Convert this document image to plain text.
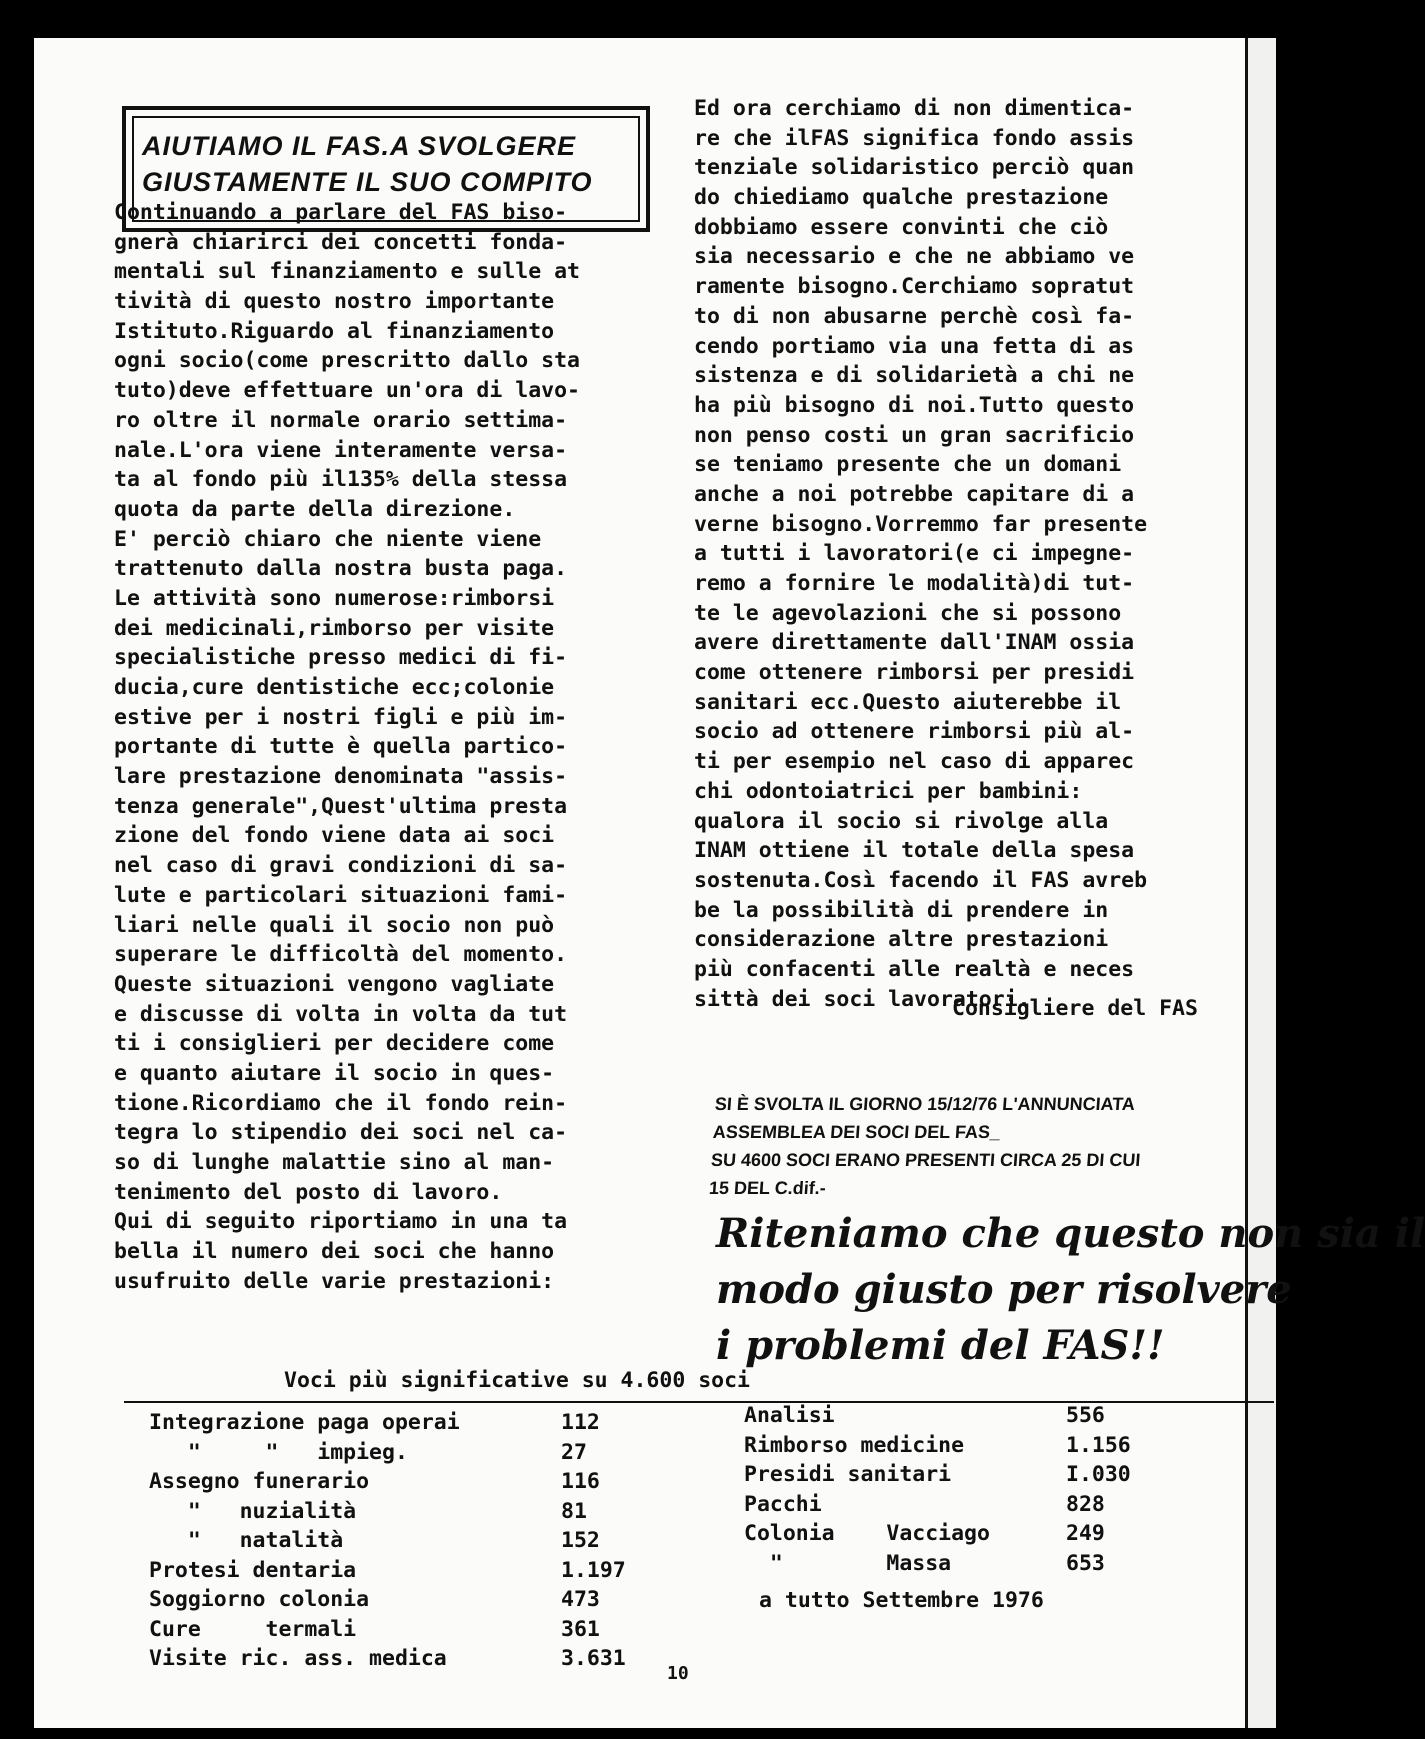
AIUTIAMO IL FAS.A SVOLGERE
GIUSTAMENTE IL SUO COMPITO
Continuando a parlare del FAS biso-
gnerà chiarirci dei concetti fonda-
mentali sul finanziamento e sulle at
tività di questo nostro importante
Istituto.Riguardo al finanziamento
ogni socio(come prescritto dallo sta
tuto)deve effettuare un'ora di lavo-
ro oltre il normale orario settima-
nale.L'ora viene interamente versa-
ta al fondo più il135% della stessa
quota da parte della direzione.
E' perciò chiaro che niente viene
trattenuto dalla nostra busta paga.
Le attività sono numerose:rimborsi
dei medicinali,rimborso per visite
specialistiche presso medici di fi-
ducia,cure dentistiche ecc;colonie
estive per i nostri figli e più im-
portante di tutte è quella partico-
lare prestazione denominata "assis-
tenza generale",Quest'ultima presta
zione del fondo viene data ai soci
nel caso di gravi condizioni di sa-
lute e particolari situazioni fami-
liari nelle quali il socio non può
superare le difficoltà del momento.
Queste situazioni vengono vagliate
e discusse di volta in volta da tut
ti i consiglieri per decidere come
e quanto aiutare il socio in ques-
tione.Ricordiamo che il fondo rein-
tegra lo stipendio dei soci nel ca-
so di lunghe malattie sino al man-
tenimento del posto di lavoro.
Qui di seguito riportiamo in una ta
bella il numero dei soci che hanno
usufruito delle varie prestazioni:
Ed ora cerchiamo di non dimentica-
re che ilFAS significa fondo assis
tenziale solidaristico perciò quan
do chiediamo qualche prestazione
dobbiamo essere convinti che ciò
sia necessario e che ne abbiamo ve
ramente bisogno.Cerchiamo sopratut
to di non abusarne perchè così fa-
cendo portiamo via una fetta di as
sistenza e di solidarietà a chi ne
ha più bisogno di noi.Tutto questo
non penso costi un gran sacrificio
se teniamo presente che un domani
anche a noi potrebbe capitare di a
verne bisogno.Vorremmo far presente
a tutti i lavoratori(e ci impegne-
remo a fornire le modalità)di tut-
te le agevolazioni che si possono
avere direttamente dall'INAM ossia
come ottenere rimborsi per presidi
sanitari ecc.Questo aiuterebbe il
socio ad ottenere rimborsi più al-
ti per esempio nel caso di apparec
chi odontoiatrici per bambini:
qualora il socio si rivolge alla
INAM ottiene il totale della spesa
sostenuta.Così facendo il FAS avreb
be la possibilità di prendere in
considerazione altre prestazioni
più confacenti alle realtà e neces
sittà dei soci lavoratori.
Consigliere del FAS
SI È SVOLTA IL GIORNO 15/12/76 L'ANNUNCIATA
ASSEMBLEA DEI SOCI DEL FAS_
SU 4600 SOCI ERANO PRESENTI CIRCA 25 DI CUI
15 DEL C.dif.-
Riteniamo che questo non sia il
modo giusto per risolvere
i problemi del FAS!!
Voci più significative su 4.600 soci
Integrazione paga operai	112
"     "   impieg.	27
Assegno funerario	116
"   nuzialità	81
"   natalità	152
Protesi dentaria	1.197
Soggiorno colonia	473
Cure     termali	361
Visite ric. ass. medica	3.631
Analisi	556
Rimborso medicine	1.156
Presidi sanitari	I.030
Pacchi	828
Colonia    Vacciago	249
"        Massa	653
a tutto Settembre 1976
10
